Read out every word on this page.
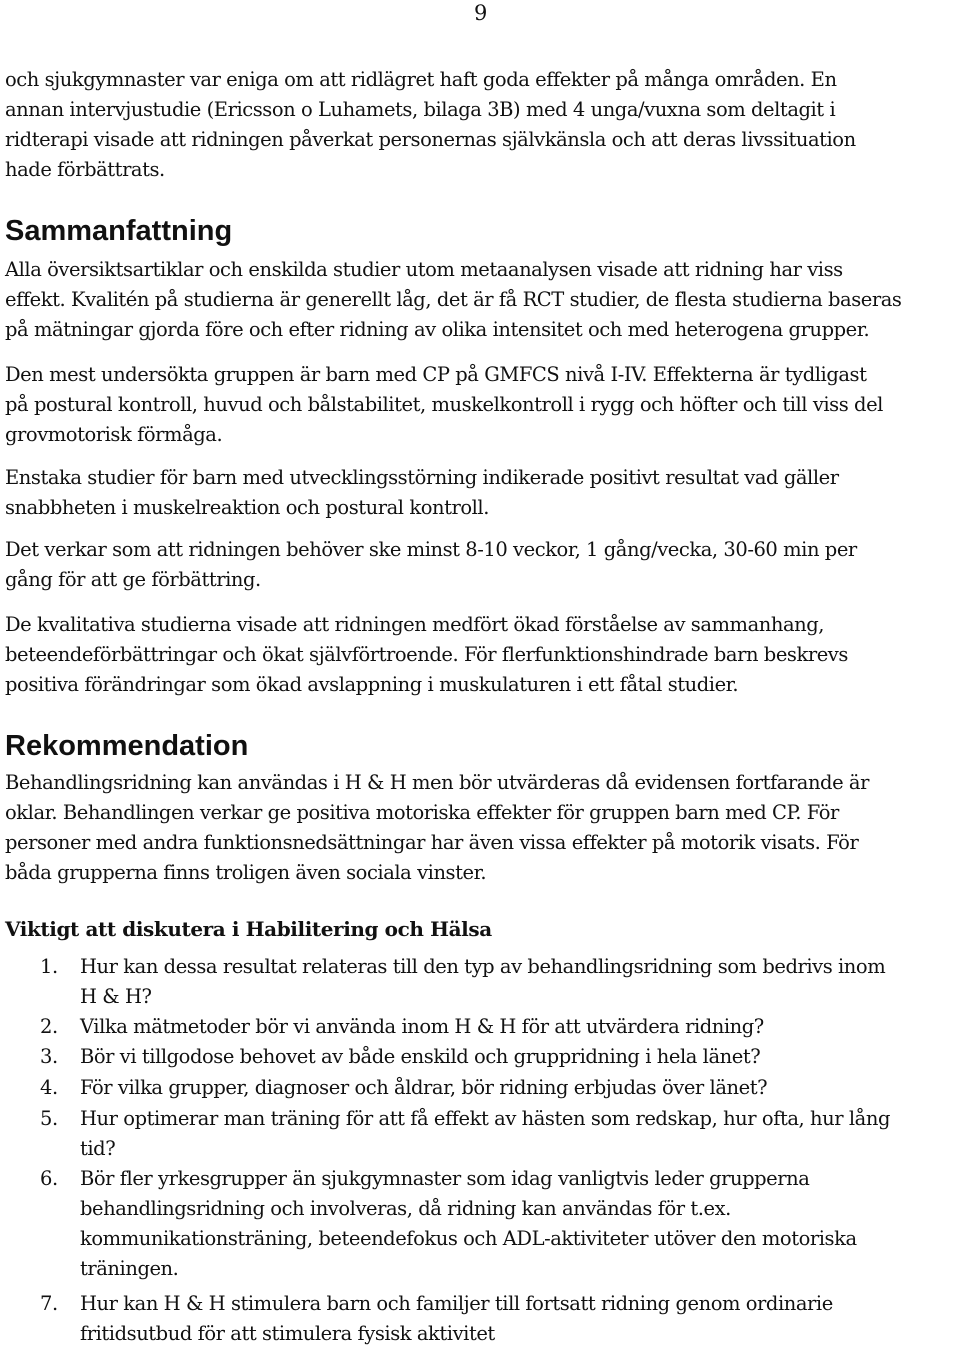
9
och sjukgymnaster var eniga om att ridlägret haft goda effekter på många områden. En
annan intervjustudie (Ericsson o Luhamets, bilaga 3B) med 4 unga/vuxna som deltagit i
ridterapi visade att ridningen påverkat personernas självkänsla och att deras livssituation
hade förbättrats.
Sammanfattning
Alla översiktsartiklar och enskilda studier utom metaanalysen visade att ridning har viss
effekt. Kvalitén på studierna är generellt låg, det är få RCT studier, de flesta studierna baseras
på mätningar gjorda före och efter ridning av olika intensitet och med heterogena grupper.
Den mest undersökta gruppen är barn med CP på GMFCS nivå I-IV. Effekterna är tydligast
på postural kontroll, huvud och bålstabilitet, muskelkontroll i rygg och höfter och till viss del
grovmotorisk förmåga.
Enstaka studier för barn med utvecklingsstörning indikerade positivt resultat vad gäller
snabbheten i muskelreaktion och postural kontroll.
Det verkar som att ridningen behöver ske minst 8-10 veckor, 1 gång/vecka, 30-60 min per
gång för att ge förbättring.
De kvalitativa studierna visade att ridningen medfört ökad förståelse av sammanhang,
beteendeförbättringar och ökat självförtroende. För flerfunktionshindrade barn beskrevs
positiva förändringar som ökad avslappning i muskulaturen i ett fåtal studier.
Rekommendation
Behandlingsridning kan användas i H & H men bör utvärderas då evidensen fortfarande är
oklar. Behandlingen verkar ge positiva motoriska effekter för gruppen barn med CP. För
personer med andra funktionsnedsättningar har även vissa effekter på motorik visats. För
båda grupperna finns troligen även sociala vinster.
Viktigt att diskutera i Habilitering och Hälsa
1.	Hur kan dessa resultat relateras till den typ av behandlingsridning som bedrivs inom
H & H?
2.	Vilka mätmetoder bör vi använda inom H & H för att utvärdera ridning?
3.	Bör vi tillgodose behovet av både enskild och gruppridning i hela länet?
4.	För vilka grupper, diagnoser och åldrar, bör ridning erbjudas över länet?
5.	Hur optimerar man träning för att få effekt av hästen som redskap, hur ofta, hur lång
tid?
6.	Bör fler yrkesgrupper än sjukgymnaster som idag vanligtvis leder grupperna
behandlingsridning och involveras, då ridning kan användas för t.ex.
kommunikationsträning, beteendefokus och ADL-aktiviteter utöver den motoriska
träningen.
7.	Hur kan H & H stimulera barn och familjer till fortsatt ridning genom ordinarie
fritidsutbud för att stimulera fysisk aktivitet
